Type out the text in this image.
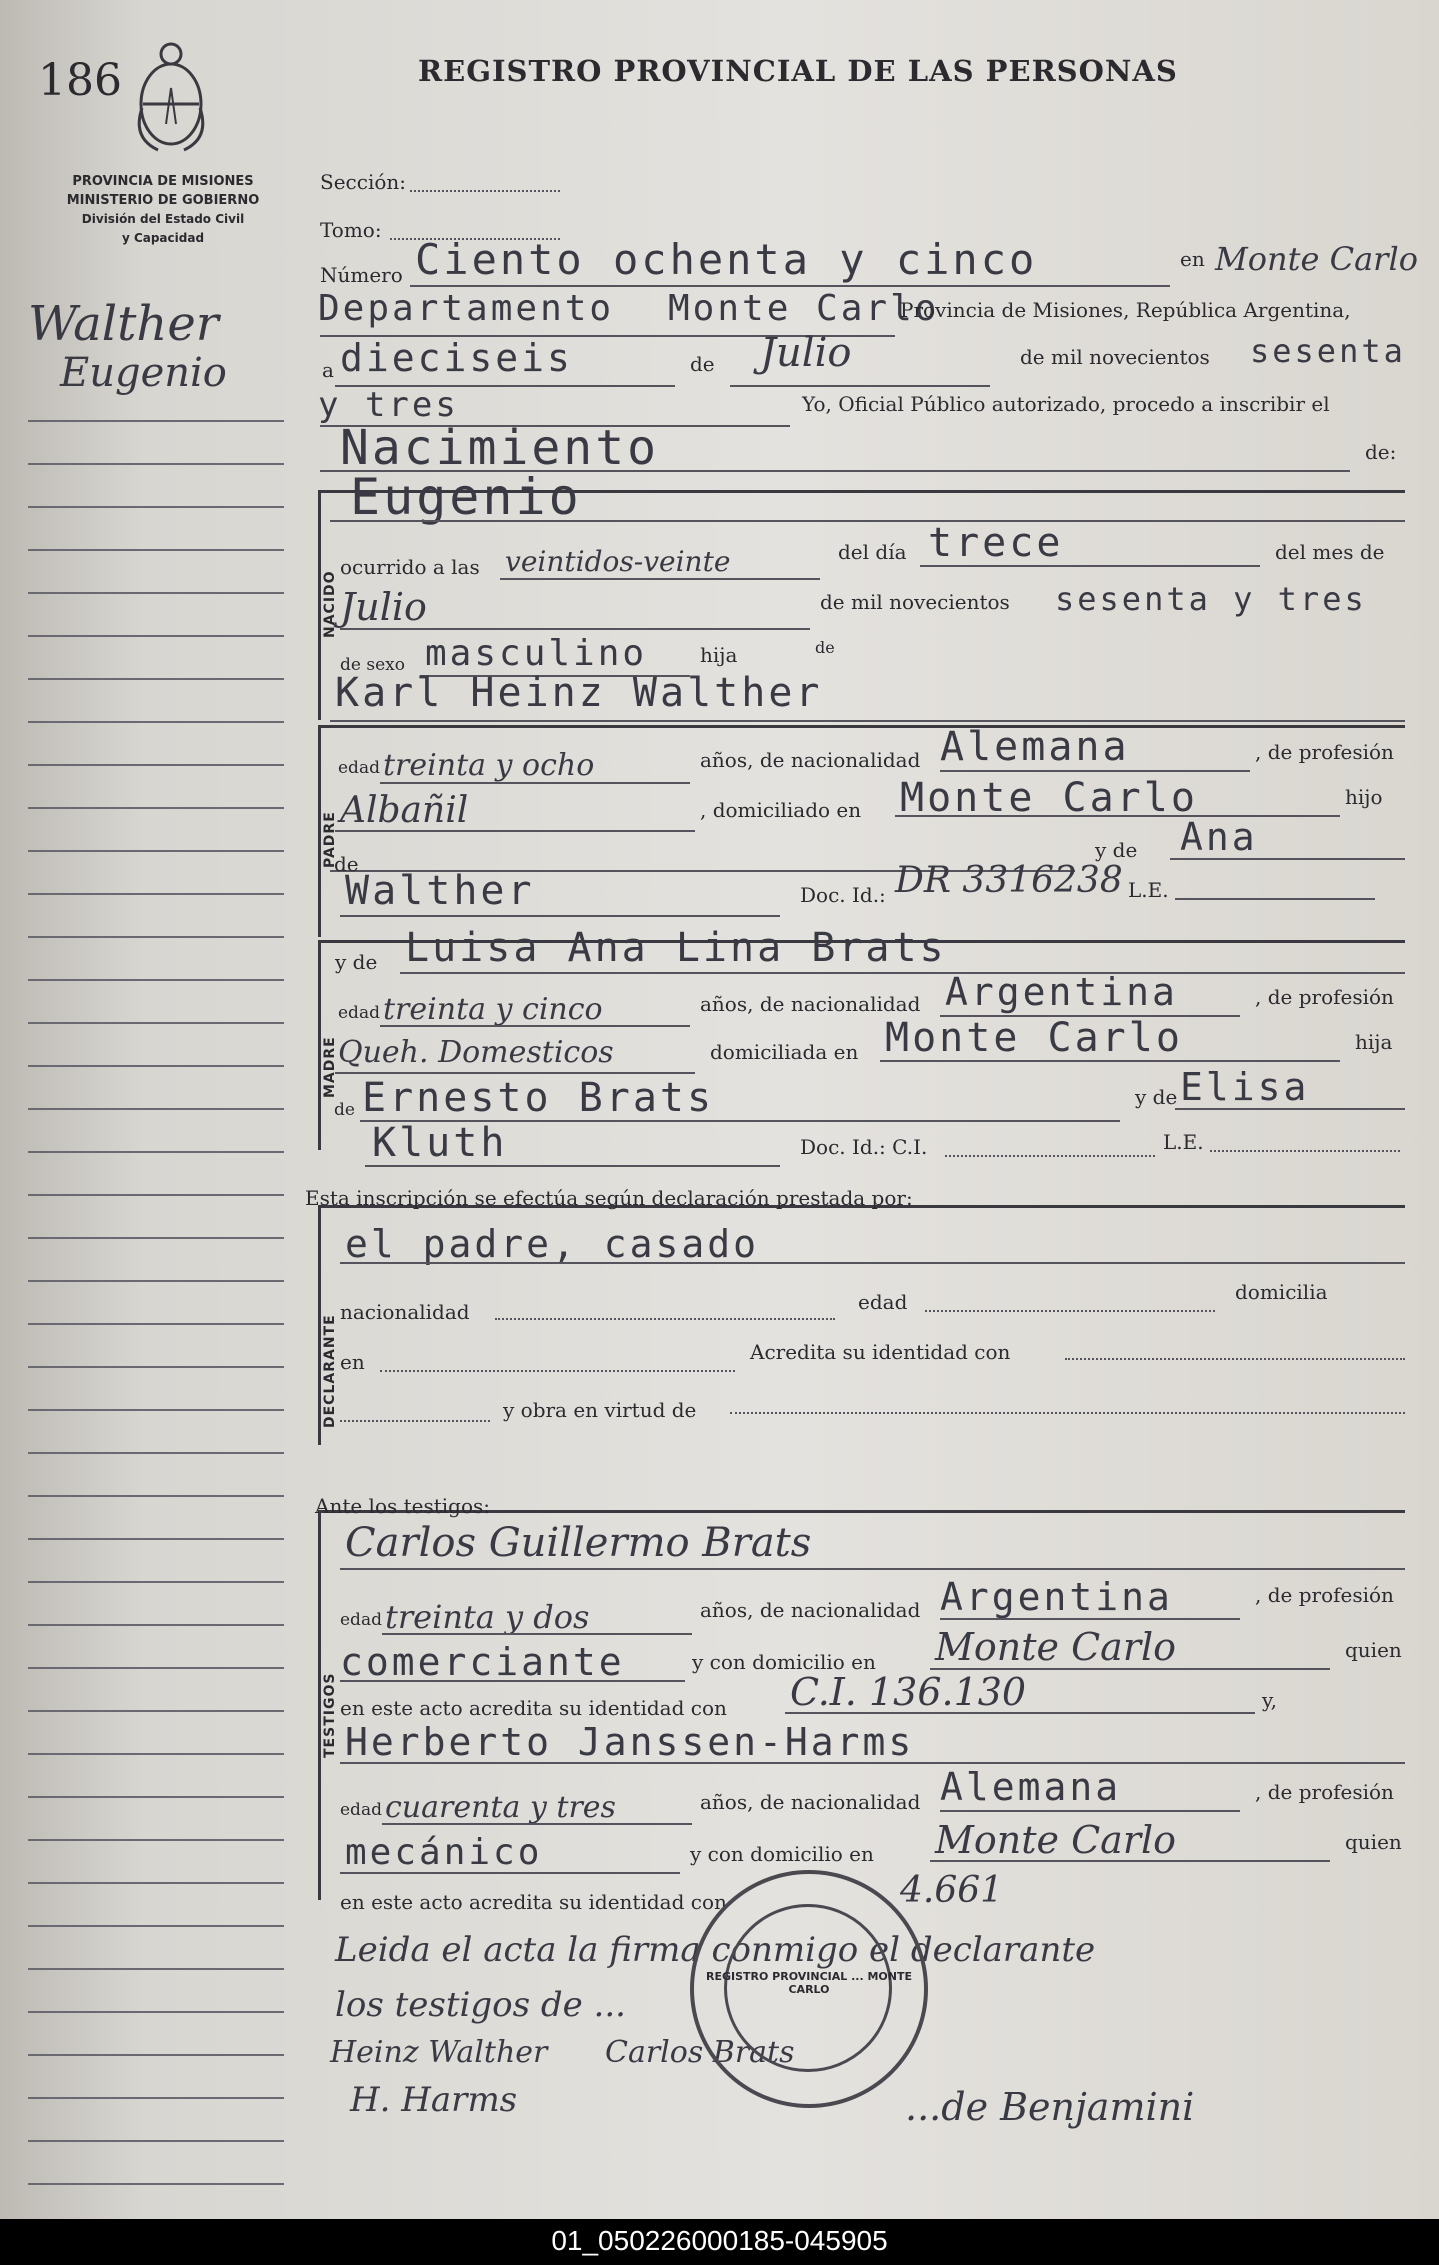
186	REGISTRO PROVINCIAL DE LAS PERSONAS
PROVINCIA DE MISIONES
MINISTERIO DE GOBIERNO
División del Estado Civil
y Capacidad
Walther
Eugenio
NACIDO
PADRE
MADRE
DECLARANTE
TESTIGOS
Sección:
Tomo:
Número Ciento ochenta y cinco	en Monte Carlo
Departamento Monte Carlo
Provincia de Misiones, República Argentina,
a dieciseis	de Julio	de mil novecientos sesenta
y tres	Yo, Oficial Público autorizado, procedo a inscribir el
Nacimiento	de:
Eugenio
ocurrido a las veintidos-veinte	del día trece	del mes de
Julio	de mil novecientos sesenta y tres
de sexo masculino	hija	de
Karl Heinz Walther
edad treinta y ocho	años, de nacionalidad Alemana	, de profesión
Albañil	, domiciliado en Monte Carlo	hijo
y de Ana
de
Walther	Doc. Id.: DR 3316238 L.E.
y de Luisa Ana Lina Brats
edad treinta y cinco	años, de nacionalidad Argentina	, de profesión
Queh. Domesticos	domiciliada en Monte Carlo	hija
de Ernesto Brats	y de Elisa
Kluth	Doc. Id.: C.I.	L.E.
Esta inscripción se efectúa según declaración prestada por:
el padre, casado
nacionalidad	edad	domicilia
en	Acredita su identidad con
y obra en virtud de
Ante los testigos:
Carlos Guillermo Brats
edad treinta y dos	años, de nacionalidad Argentina	, de profesión
comerciante	y con domicilio en Monte Carlo	quien
en este acto acredita su identidad con C.I. 136.130	y,
Herberto Janssen-Harms
edad cuarenta y tres	años, de nacionalidad Alemana	, de profesión
mecánico	y con domicilio en Monte Carlo	quien
en este acto acredita su identidad con	4.661
Leida el acta la firma conmigo el declarante
los testigos de ...
Heinz Walther Carlos Brats
H. Harms	...de Benjamini
REGISTRO PROVINCIAL ... MONTE CARLO
01_050226000185-045905
